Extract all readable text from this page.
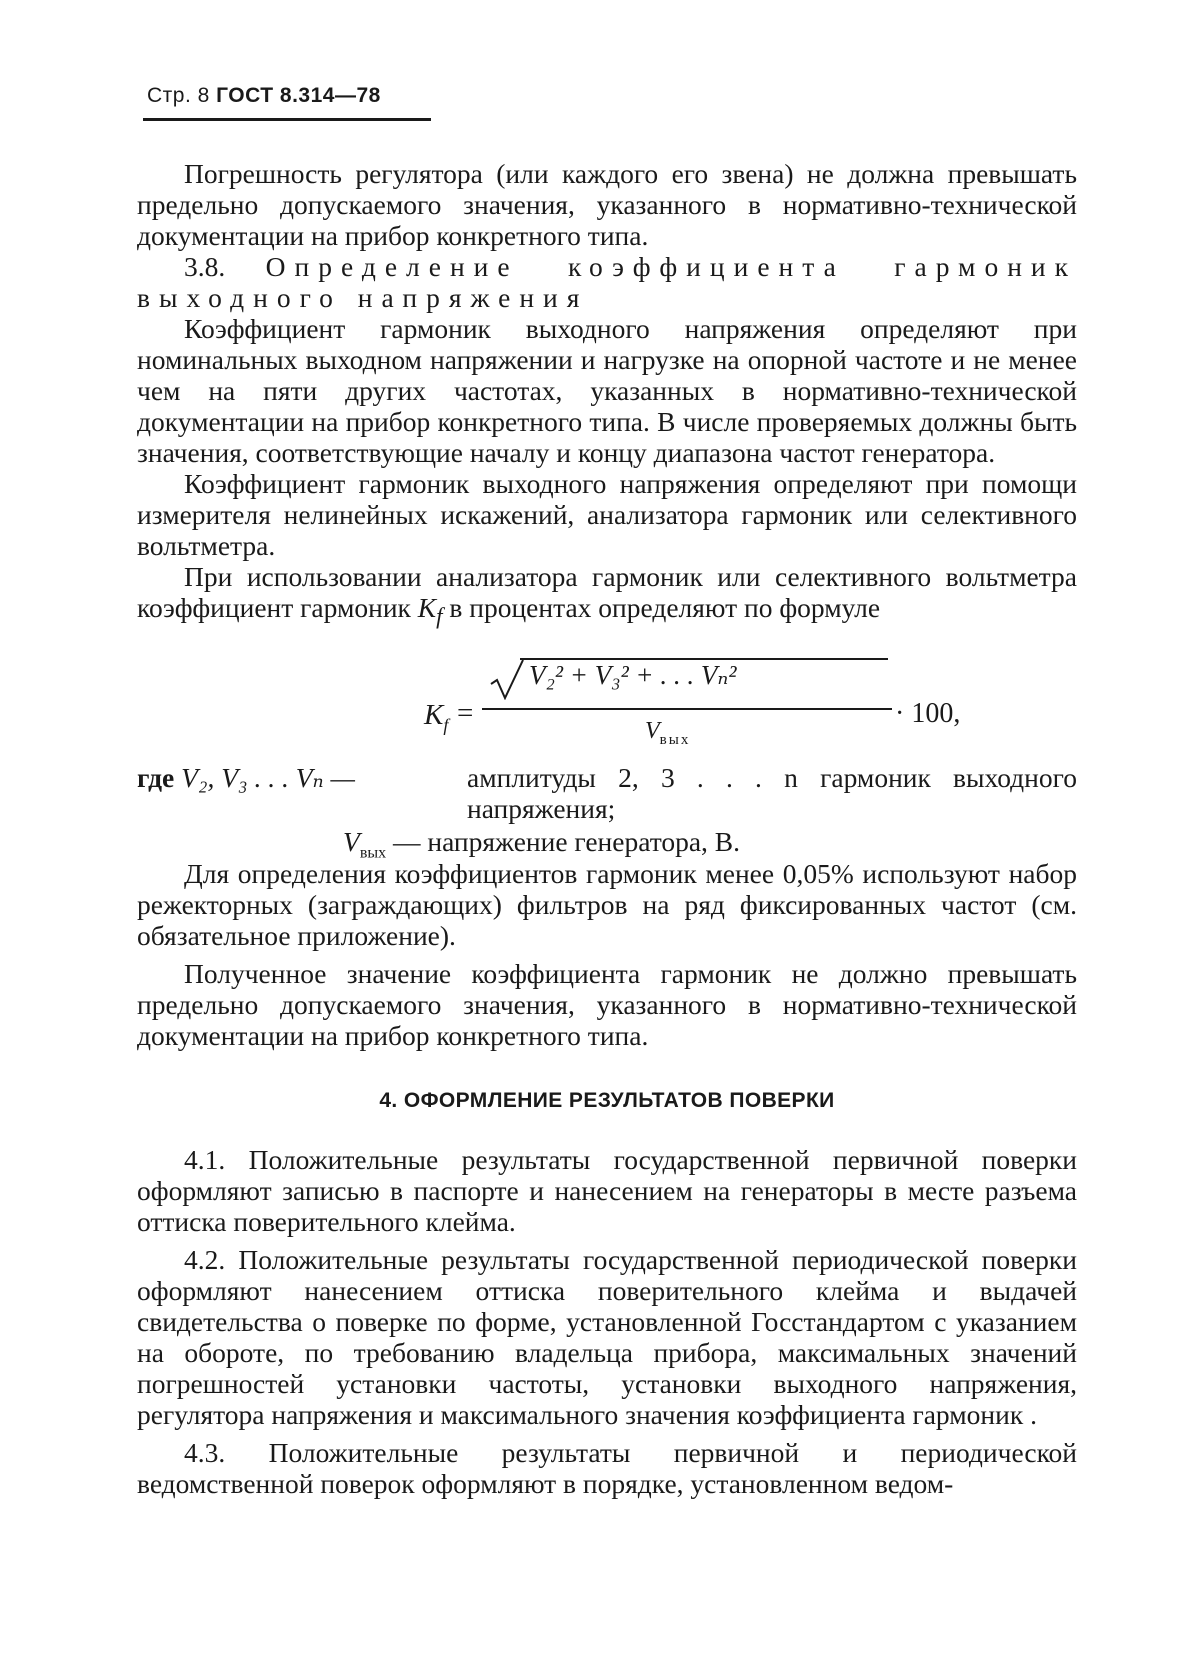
Стр. 8 ГОСТ 8.314—78

Погрешность регулятора (или каждого его звена) не должна превышать предельно допускаемого значения, указанного в нормативно-технической документации на прибор конкретного типа.

3.8. Определение коэффициента гармоник выходного напряжения

Коэффициент гармоник выходного напряжения определяют при номинальных выходном напряжении и нагрузке на опорной частоте и не менее чем на пяти других частотах, указанных в нормативно-технической документации на прибор конкретного типа. В числе проверяемых должны быть значения, соответствующие началу и концу диапазона частот генератора.

Коэффициент гармоник выходного напряжения определяют при помощи измерителя нелинейных искажений, анализатора гармоник или селективного вольтметра.

При использовании анализатора гармоник или селективного вольтметра коэффициент гармоник $K_f$ в процентах определяют по формуле

$K_f$ =
V₂² + V₃² + . . . Vₙ²
$V_{вых}$
· 100,
где V₂, V₃ . . . Vₙ —	амплитуды 2, 3 . . . n гармоник выходного
напряжения;
$V_{вых}$ — напряжение генератора, В.

Для определения коэффициентов гармоник менее 0,05% используют набор режекторных (заграждающих) фильтров на ряд фиксированных частот (см. обязательное приложение).

Полученное значение коэффициента гармоник не должно превышать предельно допускаемого значения, указанного в нормативно-технической документации на прибор конкретного типа.

4. ОФОРМЛЕНИЕ РЕЗУЛЬТАТОВ ПОВЕРКИ

4.1. Положительные результаты государственной первичной поверки оформляют записью в паспорте и нанесением на генераторы в месте разъема оттиска поверительного клейма.

4.2. Положительные результаты государственной периодической поверки оформляют нанесением оттиска поверительного клейма и выдачей свидетельства о поверке по форме, установленной Госстандартом с указанием на обороте, по требованию владельца прибора, максимальных значений погрешностей установки частоты, установки выходного напряжения, регулятора напряжения и максимального значения коэффициента гармоник .

4.3. Положительные результаты первичной и периодической ведомственной поверок оформляют в порядке, установленном ведом-
